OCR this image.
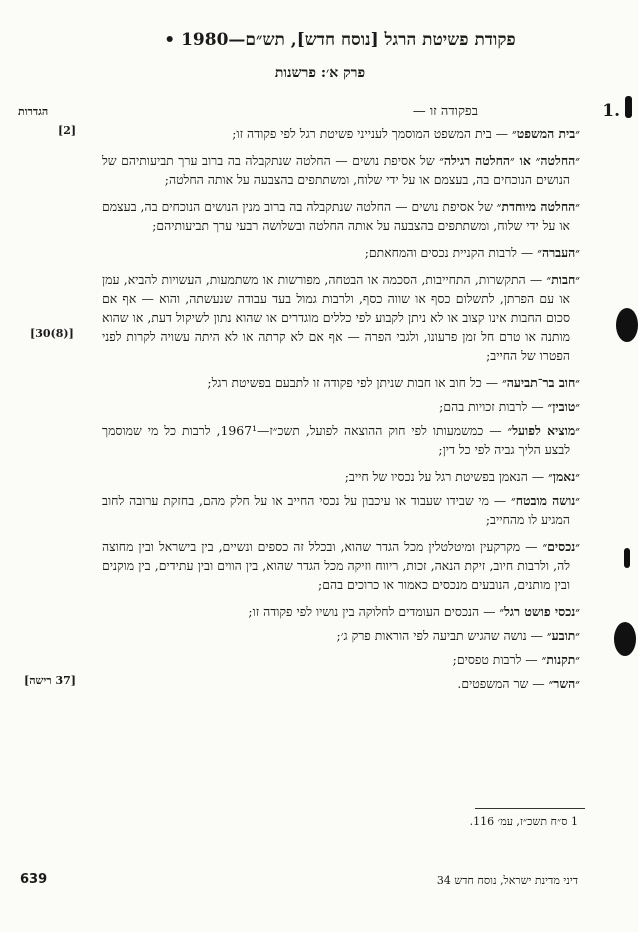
פקודת פשיטת הרגל [נוסח חדש], תש״ם—1980 •
פרק א׳: פרשנות
1.
בפקודה זו —
הגדרות
[2]
[(8)30]
[37 רישה]
״בית המשפט״ — בית המשפט המוסמך לענייני פשיטת רגל לפי פקודה זו;
״החלטה״ או ״החלטה רגילה״ של אסיפת נושים — החלטה שנתקבלה בה ברוב ערך תביעותיהם של הנושים הנוכחים בה, בעצמם או על ידי שלוח, ומשתתפים בהצבעה על אותה החלטה;
״החלטה מיוחדת״ של אסיפת נושים — החלטה שנתקבלה בה ברוב מנין הנושים הנוכחים בה, בעצמם או על ידי שלוח, ומשתתפים בהצבעה על אותה החלטה ובשלושה רבעי ערך תביעותיהם;
״העברה״ — לרבות הקניית נכסים והמחאתם;
״חבות״ — התקשרות, התחייבות, הסכמה או הבטחה, מפורשות או משתמעות, העשויות להביא, עמן או עם הפרתן, לתשלום כסף או שווה כסף, ולרבות גמול בעד עבודה שנעשתה, והוא — אף אם סכום החבות אינו קצוב או לא ניתן לקבוע לפי כללים מוגדרים או שהוא נתון לשיקול דעת, או שהוא מותנה או טרם חל זמן פרעונו, ולגבי הפרה — אף אם לא קרתה או לא היתה עשויה לקרות לפני הפטרו של החייב;
״חוב בר־תביעה״ — כל חוב או חבות שניתן לפי פקודה זו לתבעם בפשיטת רגל;
״טובין״ — לרבות זכויות בהם;
״מוציא לפועל״ — כמשמעותו לפי חוק ההוצאה לפועל, תשכ״ז—1967¹, לרבות כל מי שמוסמך לבצע הליך גביה לפי כל דין;
״נאמן״ — הנאמן בפשיטת רגל על נכסיו של חייב;
״נושה מובטח״ — מי שבידו שעבוד או עיכבון על נכסי החייב או על חלק מהם, בחזקת ערובה לחוב המגיע לו מהחייב;
״נכסים״ — מקרקעין ומיטלטלין מכל הגדר שהוא, ובכלל זה כספים ונשיים, בין בישראל ובין מחוצה לה, ולרבות חיוב, זיקת הנאה, זכות, ריווח וזיקה מכל הגדר שהוא, בין הווים ובין עתידים, בין מוקנים ובין מותנים, הנובעים מנכסים כאמור או כרוכים בהם;
״נכסי פושט רגל״ — הנכסים העומדים לחלוקה בין נושיו לפי פקודה זו;
״תובע״ — נושה שהגיש תביעה לפי הוראות פרק ג׳;
״תקנות״ — לרבות טפסים;
״השר״ — שר המשפטים.
1 ס״ח תשכ״ז, עמ׳ 116.
639	דיני מדינת ישראל, נוסח חדש 34
